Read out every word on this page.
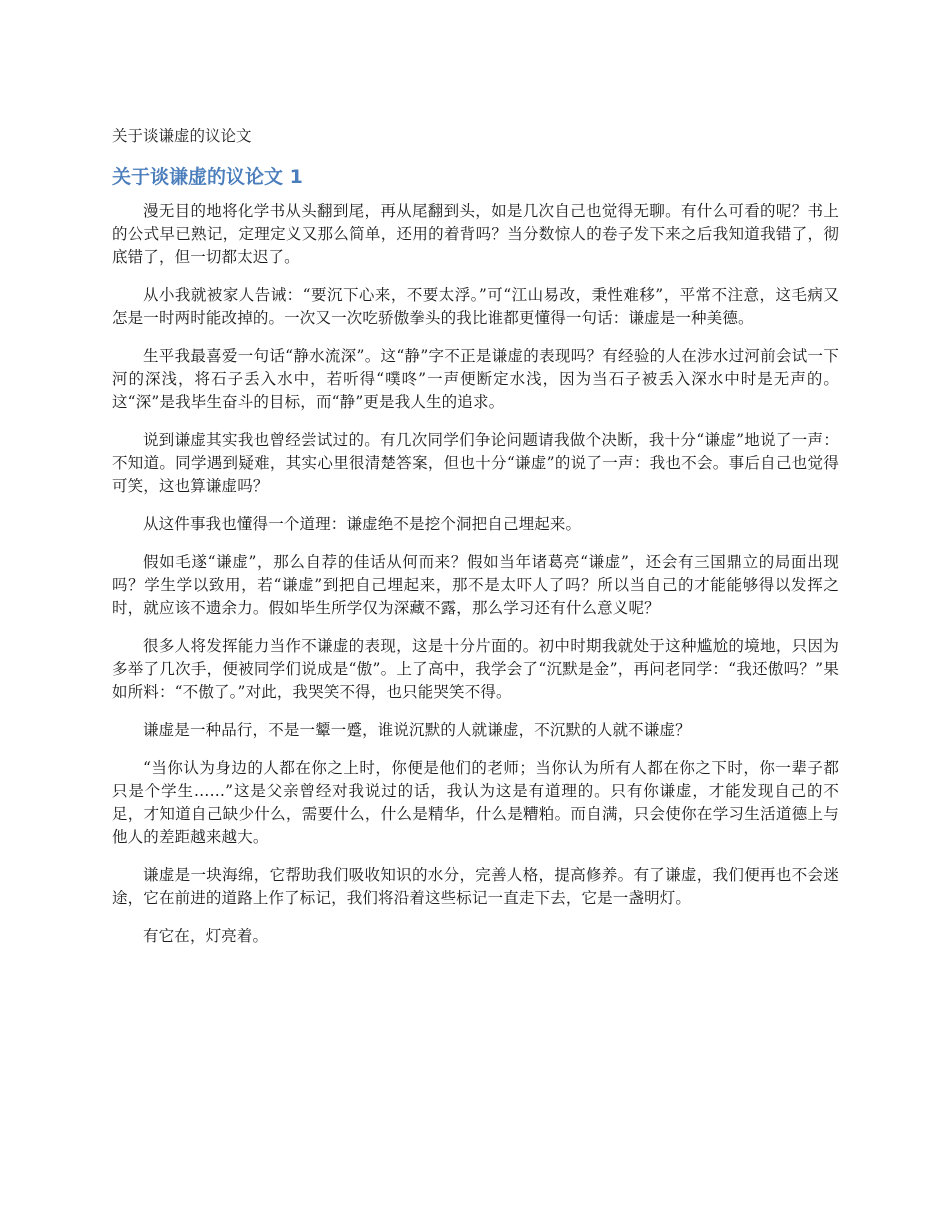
关于谈谦虚的议论文
关于谈谦虚的议论文 1

漫无目的地将化学书从头翻到尾，再从尾翻到头，如是几次自己也觉得无聊。有什么可看的呢？书上的公式早已熟记，定理定义又那么简单，还用的着背吗？当分数惊人的卷子发下来之后我知道我错了，彻底错了，但一切都太迟了。

从小我就被家人告诫：“要沉下心来，不要太浮。”可“江山易改，秉性难移”，平常不注意，这毛病又怎是一时两时能改掉的。一次又一次吃骄傲拳头的我比谁都更懂得一句话：谦虚是一种美德。

生平我最喜爱一句话“静水流深”。这“静”字不正是谦虚的表现吗？有经验的人在涉水过河前会试一下河的深浅，将石子丢入水中，若听得“噗咚”一声便断定水浅，因为当石子被丢入深水中时是无声的。这“深”是我毕生奋斗的目标，而“静”更是我人生的追求。

说到谦虚其实我也曾经尝试过的。有几次同学们争论问题请我做个决断，我十分“谦虚”地说了一声：不知道。同学遇到疑难，其实心里很清楚答案，但也十分“谦虚”的说了一声：我也不会。事后自己也觉得可笑，这也算谦虚吗？

从这件事我也懂得一个道理：谦虚绝不是挖个洞把自己埋起来。

假如毛遂“谦虚”，那么自荐的佳话从何而来？假如当年诸葛亮“谦虚”，还会有三国鼎立的局面出现吗？学生学以致用，若“谦虚”到把自己埋起来，那不是太吓人了吗？所以当自己的才能能够得以发挥之时，就应该不遗余力。假如毕生所学仅为深藏不露，那么学习还有什么意义呢？

很多人将发挥能力当作不谦虚的表现，这是十分片面的。初中时期我就处于这种尴尬的境地，只因为多举了几次手，便被同学们说成是“傲”。上了高中，我学会了“沉默是金”，再问老同学：“我还傲吗？”果如所料：“不傲了。”对此，我哭笑不得，也只能哭笑不得。

谦虚是一种品行，不是一颦一蹙，谁说沉默的人就谦虚，不沉默的人就不谦虚？

“当你认为身边的人都在你之上时，你便是他们的老师；当你认为所有人都在你之下时，你一辈子都只是个学生……”这是父亲曾经对我说过的话，我认为这是有道理的。只有你谦虚，才能发现自己的不足，才知道自己缺少什么，需要什么，什么是精华，什么是糟粕。而自满，只会使你在学习生活道德上与他人的差距越来越大。

谦虚是一块海绵，它帮助我们吸收知识的水分，完善人格，提高修养。有了谦虚，我们便再也不会迷途，它在前进的道路上作了标记，我们将沿着这些标记一直走下去，它是一盏明灯。

有它在，灯亮着。
